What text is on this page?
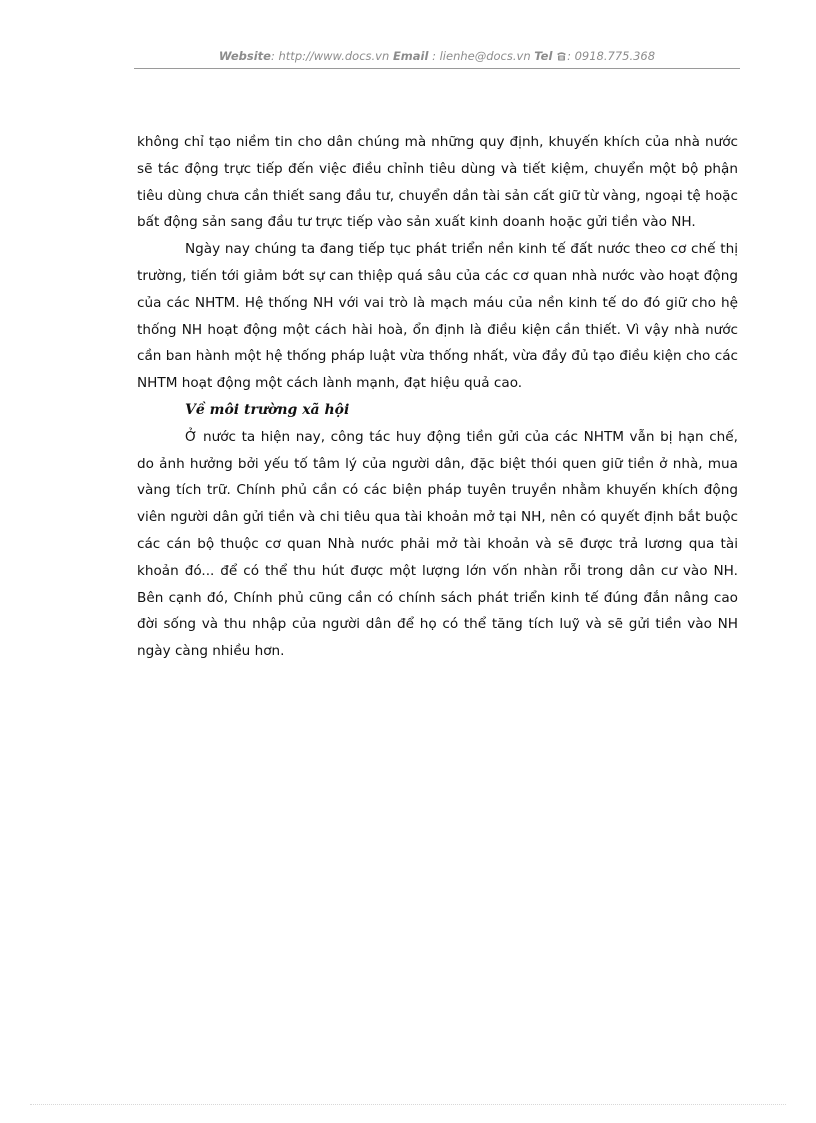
Website: http://www.docs.vn Email : lienhe@docs.vn Tel : 0918.775.368

không chỉ tạo niềm tin cho dân chúng mà những quy định, khuyến khích của nhà nước sẽ tác động trực tiếp đến việc điều chỉnh tiêu dùng và tiết kiệm, chuyển một bộ phận tiêu dùng chưa cần thiết sang đầu tư, chuyển dần tài sản cất giữ từ vàng, ngoại tệ hoặc bất động sản sang đầu tư trực tiếp vào sản xuất kinh doanh hoặc gửi tiền vào NH.

Ngày nay chúng ta đang tiếp tục phát triển nền kinh tế đất nước theo cơ chế thị trường, tiến tới giảm bớt sự can thiệp quá sâu của các cơ quan nhà nước vào hoạt động của các NHTM. Hệ thống NH với vai trò là mạch máu của nền kinh tế do đó giữ cho hệ thống NH hoạt động một cách hài hoà, ổn định là điều kiện cần thiết. Vì vậy nhà nước cần ban hành một hệ thống pháp luật vừa thống nhất, vừa đầy đủ tạo điều kiện cho các NHTM hoạt động một cách lành mạnh, đạt hiệu quả cao.

Về môi trường xã hội

Ở nước ta hiện nay, công tác huy động tiền gửi của các NHTM vẫn bị hạn chế, do ảnh hưởng bởi yếu tố tâm lý của người dân, đặc biệt thói quen giữ tiền ở nhà, mua vàng tích trữ. Chính phủ cần có các biện pháp tuyên truyền nhằm khuyến khích động viên người dân gửi tiền và chi tiêu qua tài khoản mở tại NH, nên có quyết định bắt buộc các cán bộ thuộc cơ quan Nhà nước phải mở tài khoản và sẽ được trả lương qua tài khoản đó... để có thể thu hút được một lượng lớn vốn nhàn rỗi trong dân cư vào NH. Bên cạnh đó, Chính phủ cũng cần có chính sách phát triển kinh tế đúng đắn nâng cao đời sống và thu nhập của người dân để họ có thể tăng tích luỹ và sẽ gửi tiền vào NH ngày càng nhiều hơn.
